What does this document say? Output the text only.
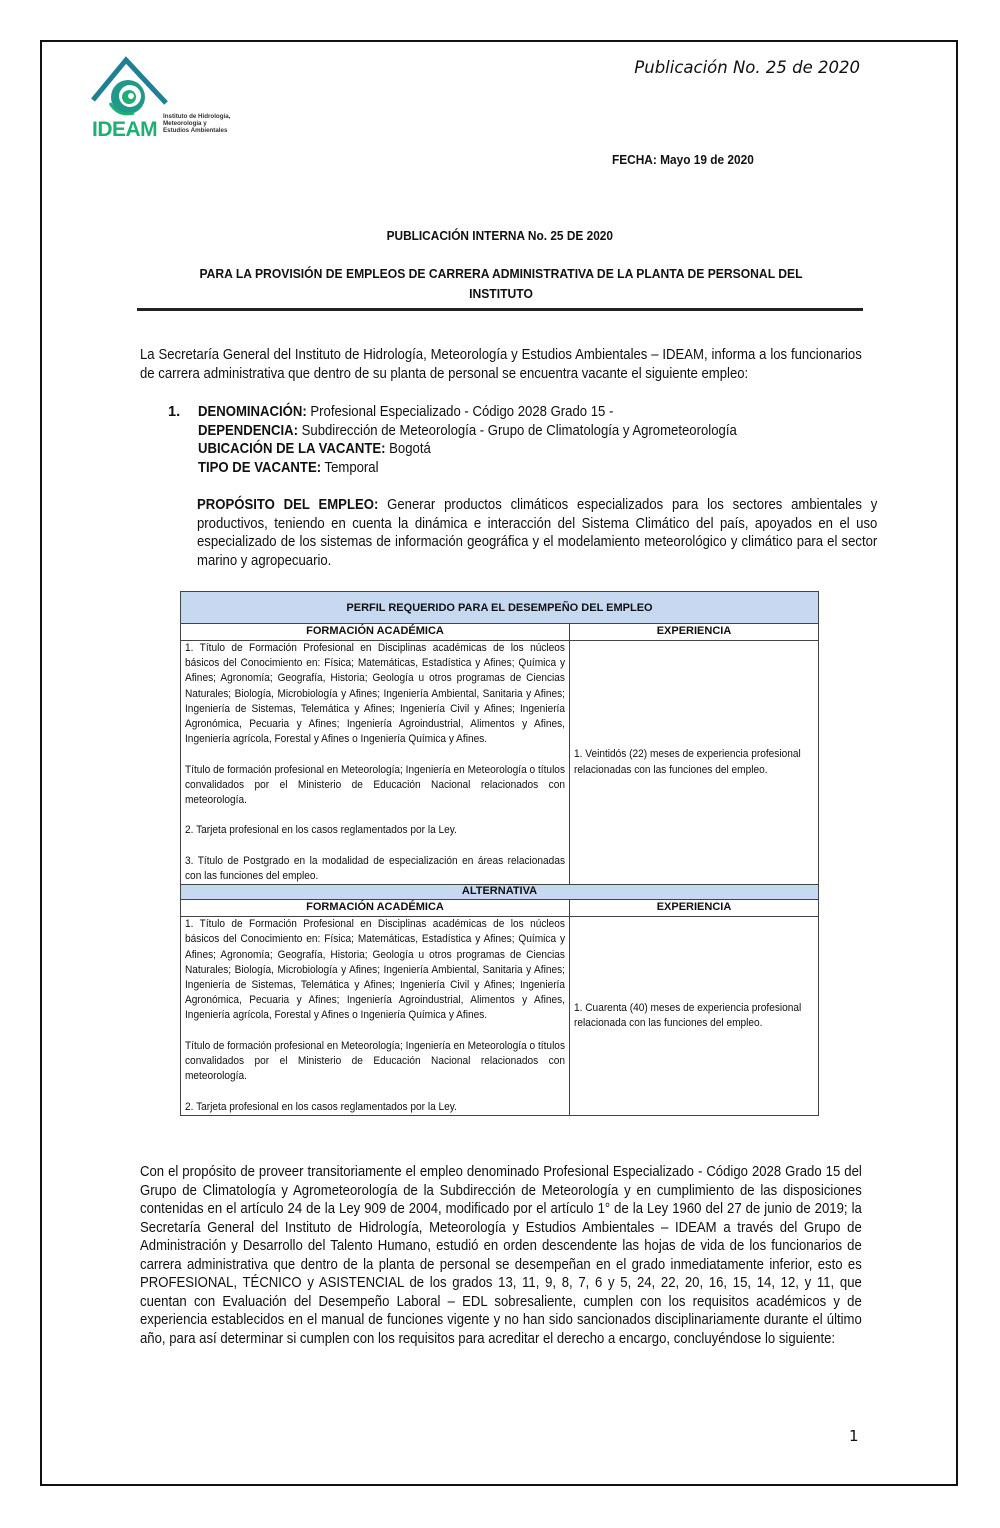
IDEAM
Instituto de Hidrología,
Meteorología y
Estudios Ambientales
Publicación No. 25 de 2020
FECHA: Mayo 19 de 2020
PUBLICACIÓN INTERNA No. 25 DE 2020
PARA LA PROVISIÓN DE EMPLEOS DE CARRERA ADMINISTRATIVA DE LA PLANTA DE PERSONAL DEL INSTITUTO
La Secretaría General del Instituto de Hidrología, Meteorología y Estudios Ambientales – IDEAM, informa a los funcionarios de carrera administrativa que dentro de su planta de personal se encuentra vacante el siguiente empleo:
1. DENOMINACIÓN: Profesional Especializado - Código 2028 Grado 15 -
DEPENDENCIA: Subdirección de Meteorología - Grupo de Climatología y Agrometeorología
UBICACIÓN DE LA VACANTE: Bogotá
TIPO DE VACANTE: Temporal
PROPÓSITO DEL EMPLEO: Generar productos climáticos especializados para los sectores ambientales y productivos, teniendo en cuenta la dinámica e interacción del Sistema Climático del país, apoyados en el uso especializado de los sistemas de información geográfica y el modelamiento meteorológico y climático para el sector marino y agropecuario.
PERFIL REQUERIDO PARA EL DESEMPEÑO DEL EMPLEO	
FORMACIÓN ACADÉMICA	EXPERIENCIA

1. Título de Formación Profesional en Disciplinas académicas de los núcleos básicos del Conocimiento en: Física; Matemáticas, Estadística y Afines; Química y Afines; Agronomía; Geografía, Historia; Geología u otros programas de Ciencias Naturales; Biología, Microbiología y Afines; Ingeniería Ambiental, Sanitaria y Afines; Ingeniería de Sistemas, Telemática y Afines; Ingeniería Civil y Afines; Ingeniería Agronómica, Pecuaria y Afines; Ingeniería Agroindustrial, Alimentos y Afines, Ingeniería agrícola, Forestal y Afines o Ingeniería Química y Afines.
Título de formación profesional en Meteorología; Ingeniería en Meteorología o títulos convalidados por el Ministerio de Educación Nacional relacionados con meteorología.
2. Tarjeta profesional en los casos reglamentados por la Ley.
3. Título de Postgrado en la modalidad de especialización en áreas relacionadas con las funciones del empleo.	1. Veintidós (22) meses de experiencia profesional relacionadas con las funciones del empleo.

ALTERNATIVA	
FORMACIÓN ACADÉMICA	EXPERIENCIA

1. Título de Formación Profesional en Disciplinas académicas de los núcleos básicos del Conocimiento en: Física; Matemáticas, Estadística y Afines; Química y Afines; Agronomía; Geografía, Historia; Geología u otros programas de Ciencias Naturales; Biología, Microbiología y Afines; Ingeniería Ambiental, Sanitaria y Afines; Ingeniería de Sistemas, Telemática y Afines; Ingeniería Civil y Afines; Ingeniería Agronómica, Pecuaria y Afines; Ingeniería Agroindustrial, Alimentos y Afines, Ingeniería agrícola, Forestal y Afines o Ingeniería Química y Afines.
Título de formación profesional en Meteorología; Ingeniería en Meteorología o títulos convalidados por el Ministerio de Educación Nacional relacionados con meteorología.
2. Tarjeta profesional en los casos reglamentados por la Ley.	1. Cuarenta (40) meses de experiencia profesional relacionada con las funciones del empleo.
Con el propósito de proveer transitoriamente el empleo denominado Profesional Especializado - Código 2028 Grado 15 del Grupo de Climatología y Agrometeorología de la Subdirección de Meteorología y en cumplimiento de las disposiciones contenidas en el artículo 24 de la Ley 909 de 2004, modificado por el artículo 1° de la Ley 1960 del 27 de junio de 2019; la Secretaría General del Instituto de Hidrología, Meteorología y Estudios Ambientales – IDEAM a través del Grupo de Administración y Desarrollo del Talento Humano, estudió en orden descendente las hojas de vida de los funcionarios de carrera administrativa que dentro de la planta de personal se desempeñan en el grado inmediatamente inferior, esto es PROFESIONAL, TÉCNICO y ASISTENCIAL de los grados 13, 11, 9, 8, 7, 6 y 5, 24, 22, 20, 16, 15, 14, 12, y 11, que cuentan con Evaluación del Desempeño Laboral – EDL sobresaliente, cumplen con los requisitos académicos y de experiencia establecidos en el manual de funciones vigente y no han sido sancionados disciplinariamente durante el último año, para así determinar si cumplen con los requisitos para acreditar el derecho a encargo, concluyéndose lo siguiente:
1
